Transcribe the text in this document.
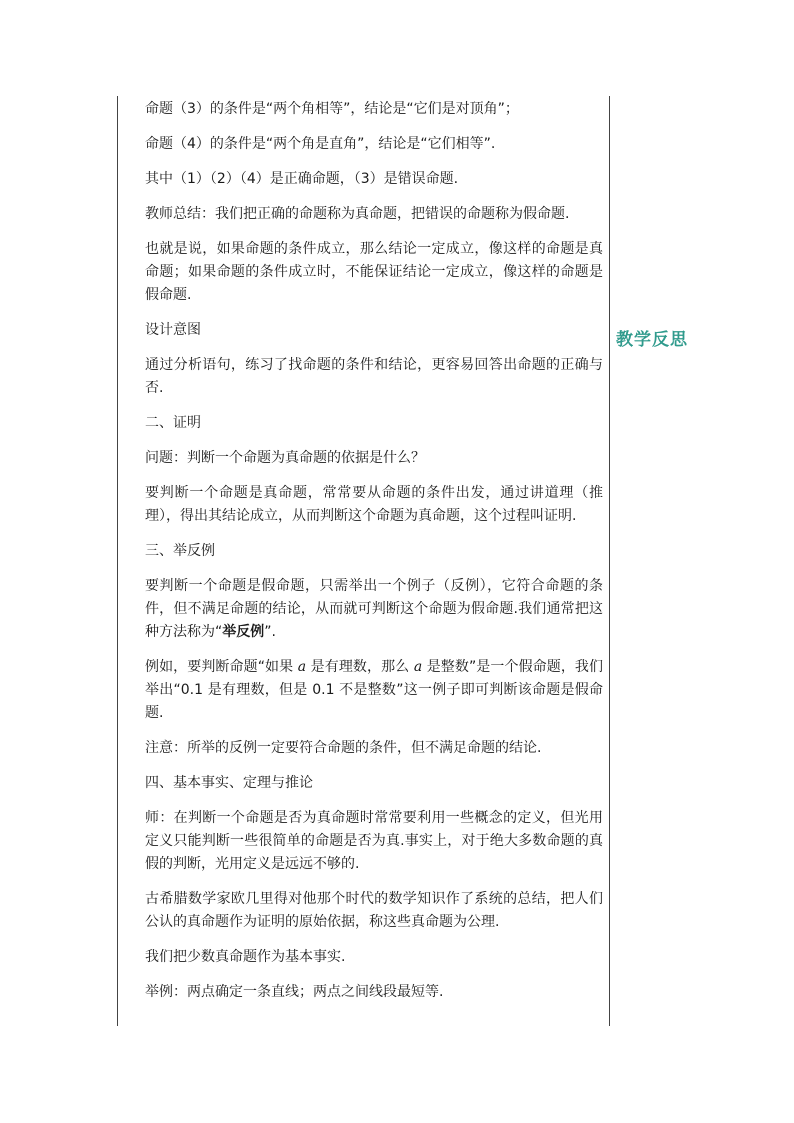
命题（3）的条件是“两个角相等”，结论是“它们是对顶角”；

命题（4）的条件是“两个角是直角”，结论是“它们相等”.

其中（1）（2）（4）是正确命题，（3）是错误命题.

教师总结：我们把正确的命题称为真命题，把错误的命题称为假命题.

也就是说，如果命题的条件成立，那么结论一定成立，像这样的命题是真命题；如果命题的条件成立时，不能保证结论一定成立，像这样的命题是假命题.

设计意图

通过分析语句，练习了找命题的条件和结论，更容易回答出命题的正确与否.

二、证明

问题：判断一个命题为真命题的依据是什么？

要判断一个命题是真命题，常常要从命题的条件出发，通过讲道理（推理），得出其结论成立，从而判断这个命题为真命题，这个过程叫证明.

三、举反例

要判断一个命题是假命题，只需举出一个例子（反例），它符合命题的条件，但不满足命题的结论，从而就可判断这个命题为假命题.我们通常把这种方法称为“举反例”.

例如，要判断命题“如果 a 是有理数，那么 a 是整数”是一个假命题，我们举出“0.1 是有理数，但是 0.1 不是整数”这一例子即可判断该命题是假命题.

注意：所举的反例一定要符合命题的条件，但不满足命题的结论.

四、基本事实、定理与推论

师：在判断一个命题是否为真命题时常常要利用一些概念的定义，但光用定义只能判断一些很简单的命题是否为真.事实上，对于绝大多数命题的真假的判断，光用定义是远远不够的.

古希腊数学家欧几里得对他那个时代的数学知识作了系统的总结，把人们公认的真命题作为证明的原始依据，称这些真命题为公理.

我们把少数真命题作为基本事实.

举例：两点确定一条直线；两点之间线段最短等.

教学反思
